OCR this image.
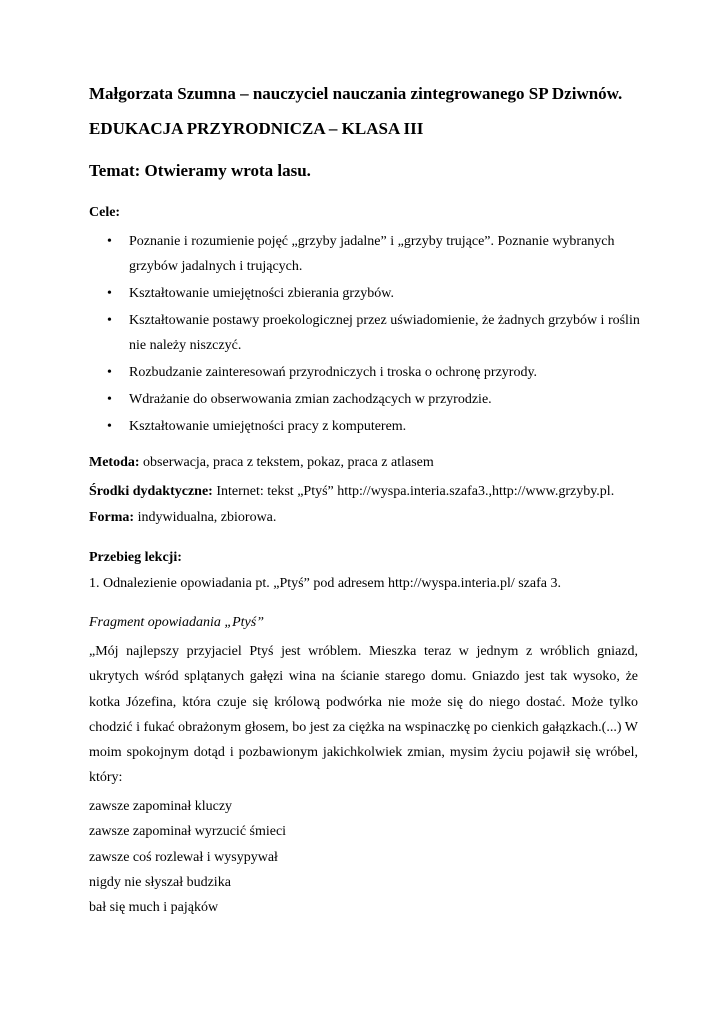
Małgorzata Szumna – nauczyciel nauczania zintegrowanego SP Dziwnów.
EDUKACJA PRZYRODNICZA – KLASA III
Temat: Otwieramy wrota lasu.
Cele:
• Poznanie i rozumienie pojęć „grzyby jadalne” i „grzyby trujące”. Poznanie wybranych grzybów jadalnych i trujących.
• Kształtowanie umiejętności zbierania grzybów.
• Kształtowanie postawy proekologicznej przez uświadomienie, że żadnych grzybów i roślin nie należy niszczyć.
• Rozbudzanie zainteresowań przyrodniczych i troska o ochronę przyrody.
• Wdrażanie do obserwowania zmian zachodzących w przyrodzie.
• Kształtowanie umiejętności pracy z komputerem.
Metoda: obserwacja, praca z tekstem, pokaz, praca z atlasem
Środki dydaktyczne: Internet: tekst „Ptyś” http://wyspa.interia.szafa3.,http://www.grzyby.pl.
Forma: indywidualna, zbiorowa.
Przebieg lekcji:
1. Odnalezienie opowiadania pt. „Ptyś” pod adresem http://wyspa.interia.pl/ szafa 3.
Fragment opowiadania „Ptyś”
„Mój najlepszy przyjaciel Ptyś jest wróblem. Mieszka teraz w jednym z wróblich gniazd, ukrytych wśród splątanych gałęzi wina na ścianie starego domu. Gniazdo jest tak wysoko, że kotka Józefina, która czuje się królową podwórka nie może się do niego dostać. Może tylko chodzić i fukać obrażonym głosem, bo jest za ciężka na wspinaczkę po cienkich gałązkach.(...) W moim spokojnym dotąd i pozbawionym jakichkolwiek zmian, mysim życiu pojawił się wróbel, który:
zawsze zapominał kluczy
zawsze zapominał wyrzucić śmieci
zawsze coś rozlewał i wysypywał
nigdy nie słyszał budzika
bał się much i pająków
